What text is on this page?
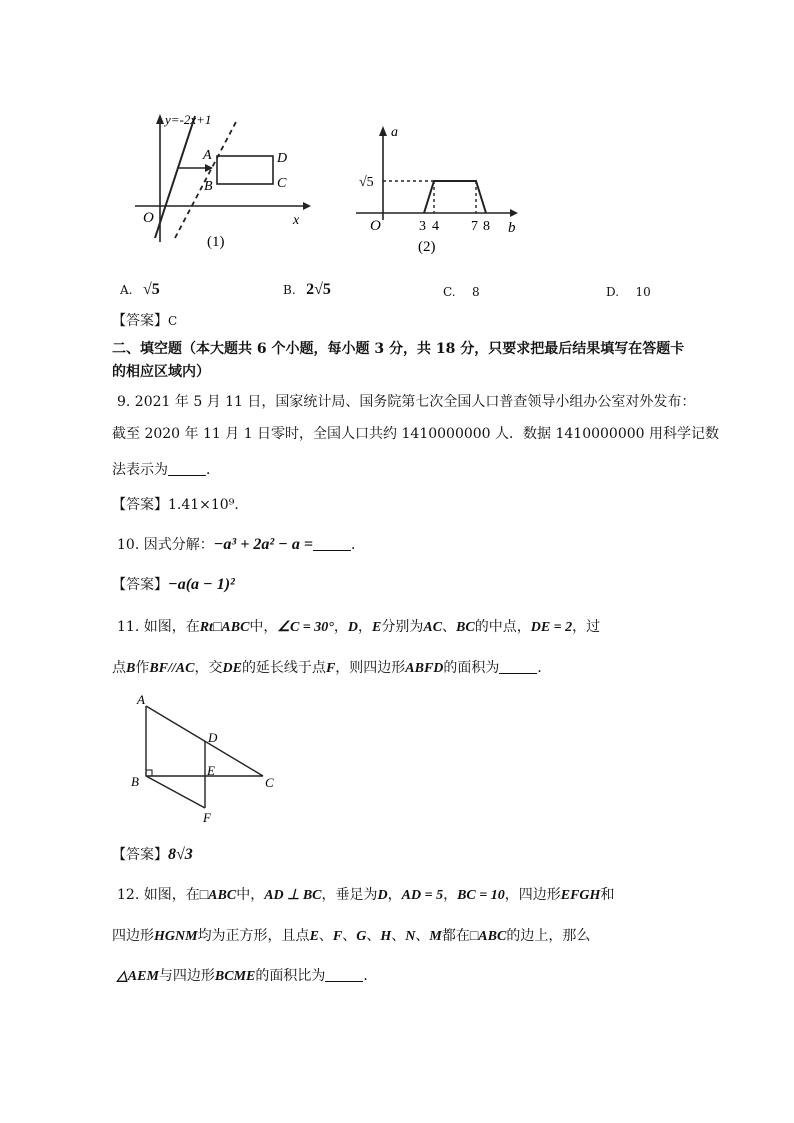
y=-2x+1
A
B	C
D
O	x
(1)
a
√5
O	3 4 7 8 b
(2)
A. √5	B. 2√5	C. 8	D. 10
【答案】C
二、填空题（本大题共 6 个小题，每小题 3 分，共 18 分，只要求把最后结果填写在答题卡
的相应区域内）
9. 2021 年 5 月 11 日，国家统计局、国务院第七次全国人口普查领导小组办公室对外发布：
截至 2020 年 11 月 1 日零时，全国人口共约 1410000000 人．数据 1410000000 用科学记数
法表示为	．
【答案】1.41×10⁹．
10. 因式分解：−a³ + 2a² − a =	．
【答案】−a(a − 1)²
11. 如图，在Rt□ABC中，∠C = 30°，D，E分别为AC、BC的中点，DE = 2，过
点B作BF//AC，交DE的延长线于点F，则四边形ABFD的面积为	．
A
D
B
E
C
F
【答案】8√3
12. 如图，在□ABC中，AD ⊥ BC，垂足为D，AD = 5，BC = 10，四边形EFGH和
四边形HGNM均为正方形，且点E、F、G、H、N、M都在□ABC的边上，那么
△AEM与四边形BCME的面积比为	．
